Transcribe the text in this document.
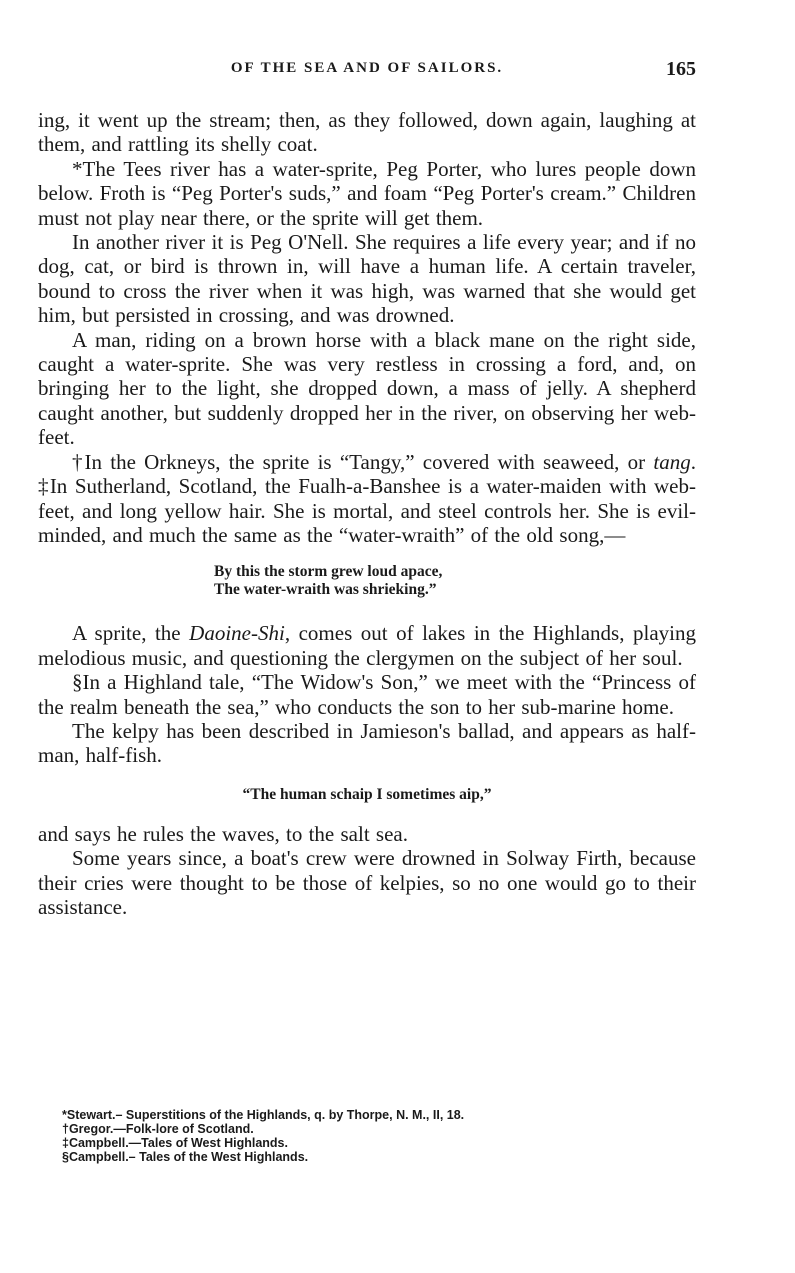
OF THE SEA AND OF SAILORS.	165

ing, it went up the stream; then, as they followed, down again, laughing at them, and rattling its shelly coat.

*The Tees river has a water-sprite, Peg Porter, who lures people down below. Froth is “Peg Porter's suds,” and foam “Peg Porter's cream.” Children must not play near there, or the sprite will get them.

In another river it is Peg O'Nell. She requires a life every year; and if no dog, cat, or bird is thrown in, will have a human life. A certain traveler, bound to cross the river when it was high, was warned that she would get him, but persisted in crossing, and was drowned.

A man, riding on a brown horse with a black mane on the right side, caught a water-sprite. She was very restless in crossing a ford, and, on bringing her to the light, she dropped down, a mass of jelly. A shepherd caught another, but suddenly dropped her in the river, on observing her web-feet.

†In the Orkneys, the sprite is “Tangy,” covered with seaweed, or tang. ‡In Sutherland, Scotland, the Fualh-a-Banshee is a water-maiden with web-feet, and long yellow hair. She is mortal, and steel controls her. She is evil-minded, and much the same as the “water-wraith” of the old song,—

By this the storm grew loud apace,
The water-wraith was shrieking.”

A sprite, the Daoine-Shi, comes out of lakes in the Highlands, playing melodious music, and questioning the clergymen on the subject of her soul.

§In a Highland tale, “The Widow's Son,” we meet with the “Princess of the realm beneath the sea,” who conducts the son to her sub-marine home.

The kelpy has been described in Jamieson's ballad, and appears as half-man, half-fish.

“The human schaip I sometimes aip,”

and says he rules the waves, to the salt sea.

Some years since, a boat's crew were drowned in Solway Firth, because their cries were thought to be those of kelpies, so no one would go to their assistance.

*Stewart.– Superstitions of the Highlands, q. by Thorpe, N. M., II, 18.
†Gregor.—Folk-lore of Scotland.
‡Campbell.—Tales of West Highlands.
§Campbell.– Tales of the West Highlands.
